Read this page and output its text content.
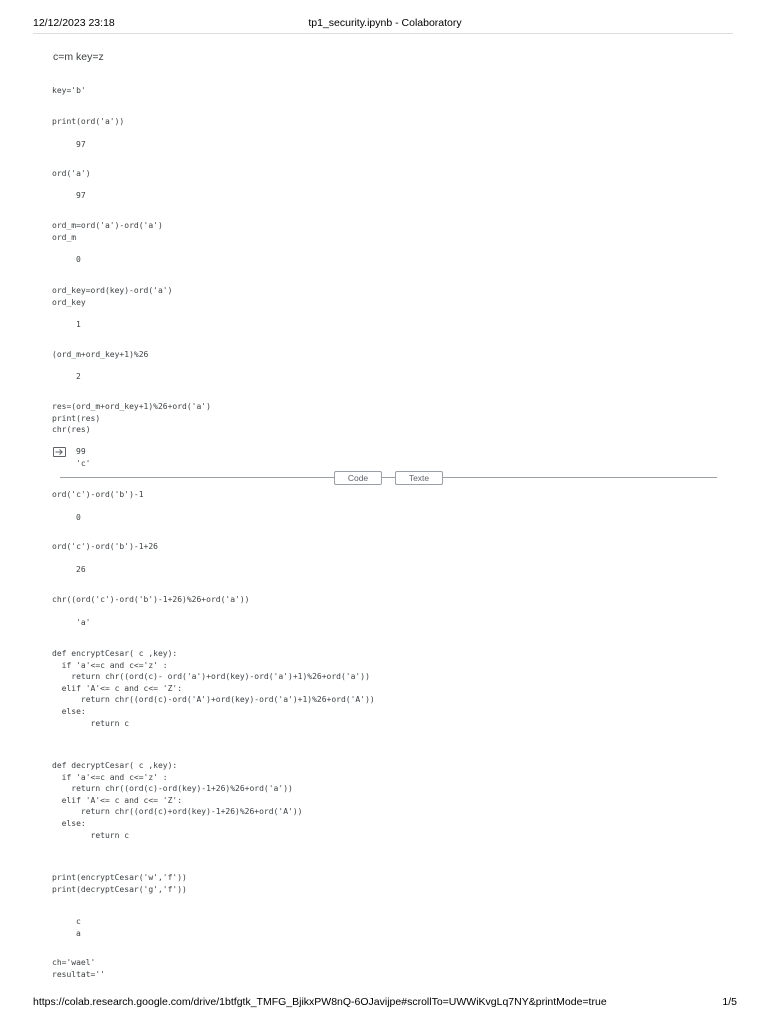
12/12/2023 23:18	tp1_security.ipynb - Colaboratory
c=m key=z
key='b'
print(ord('a'))
97
ord('a')
97
ord_m=ord('a')-ord('a')
ord_m
0
ord_key=ord(key)-ord('a')
ord_key
1
(ord_m+ord_key+1)%26
2
res=(ord_m+ord_key+1)%26+ord('a')
print(res)
chr(res)
99
'c'
Code	Texte
ord('c')-ord('b')-1
0
ord('c')-ord('b')-1+26
26
chr((ord('c')-ord('b')-1+26)%26+ord('a'))
'a'
def encryptCesar( c ,key):
if 'a'<=c and c<='z' :
return chr((ord(c)- ord('a')+ord(key)-ord('a')+1)%26+ord('a'))
elif 'A'<= c and c<= 'Z':
return chr((ord(c)-ord('A')+ord(key)-ord('a')+1)%26+ord('A'))
else:
return c
def decryptCesar( c ,key):
if 'a'<=c and c<='z' :
return chr((ord(c)-ord(key)-1+26)%26+ord('a'))
elif 'A'<= c and c<= 'Z':
return chr((ord(c)+ord(key)-1+26)%26+ord('A'))
else:
return c
print(encryptCesar('w','f'))
print(decryptCesar('g','f'))
c
a
ch='wael'
resultat=''
https://colab.research.google.com/drive/1btfgtk_TMFG_BjikxPW8nQ-6OJavijpe#scrollTo=UWWiKvgLq7NY&printMode=true	1/5
